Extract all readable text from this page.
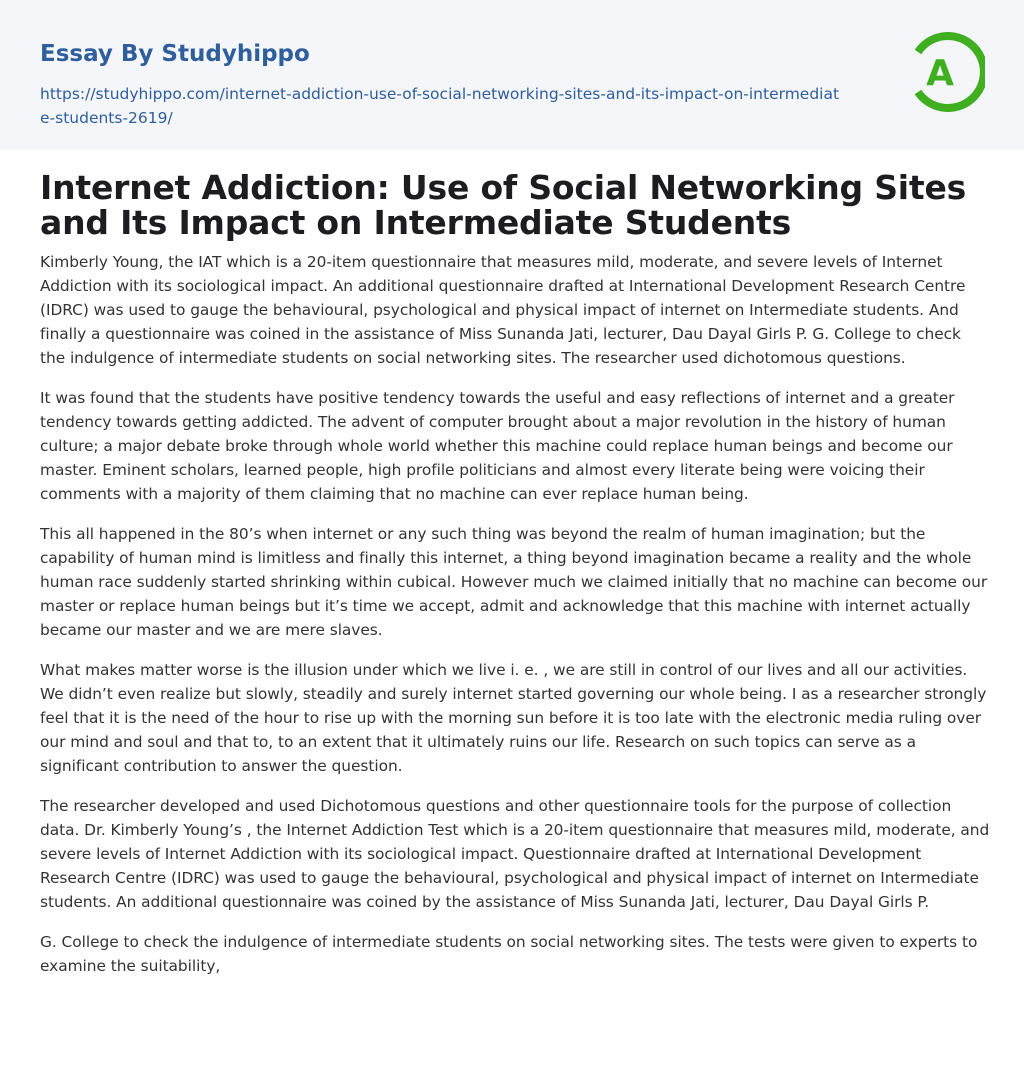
Essay By Studyhippo
https://studyhippo.com/internet-addiction-use-of-social-networking-sites-and-its-impact-on-intermediate-students-2619/
A
Internet Addiction: Use of Social Networking Sites and Its Impact on Intermediate Students

Kimberly Young, the IAT which is a 20-item questionnaire that measures mild, moderate, and severe levels of Internet Addiction with its sociological impact. An additional questionnaire drafted at International Development Research Centre (IDRC) was used to gauge the behavioural, psychological and physical impact of internet on Intermediate students. And finally a questionnaire was coined in the assistance of Miss Sunanda Jati, lecturer, Dau Dayal Girls P. G. College to check the indulgence of intermediate students on social networking sites. The researcher used dichotomous questions.

It was found that the students have positive tendency towards the useful and easy reflections of internet and a greater tendency towards getting addicted. The advent of computer brought about a major revolution in the history of human culture; a major debate broke through whole world whether this machine could replace human beings and become our master. Eminent scholars, learned people, high profile politicians and almost every literate being were voicing their comments with a majority of them claiming that no machine can ever replace human being.

This all happened in the 80’s when internet or any such thing was beyond the realm of human imagination; but the capability of human mind is limitless and finally this internet, a thing beyond imagination became a reality and the whole human race suddenly started shrinking within cubical. However much we claimed initially that no machine can become our master or replace human beings but it’s time we accept, admit and acknowledge that this machine with internet actually became our master and we are mere slaves.

What makes matter worse is the illusion under which we live i. e. , we are still in control of our lives and all our activities. We didn’t even realize but slowly, steadily and surely internet started governing our whole being. I as a researcher strongly feel that it is the need of the hour to rise up with the morning sun before it is too late with the electronic media ruling over our mind and soul and that to, to an extent that it ultimately ruins our life. Research on such topics can serve as a significant contribution to answer the question.

The researcher developed and used Dichotomous questions and other questionnaire tools for the purpose of collection data. Dr. Kimberly Young’s , the Internet Addiction Test which is a 20-item questionnaire that measures mild, moderate, and severe levels of Internet Addiction with its sociological impact. Questionnaire drafted at International Development Research Centre (IDRC) was used to gauge the behavioural, psychological and physical impact of internet on Intermediate students. An additional questionnaire was coined by the assistance of Miss Sunanda Jati, lecturer, Dau Dayal Girls P.

G. College to check the indulgence of intermediate students on social networking sites. The tests were given to experts to examine the suitability,
